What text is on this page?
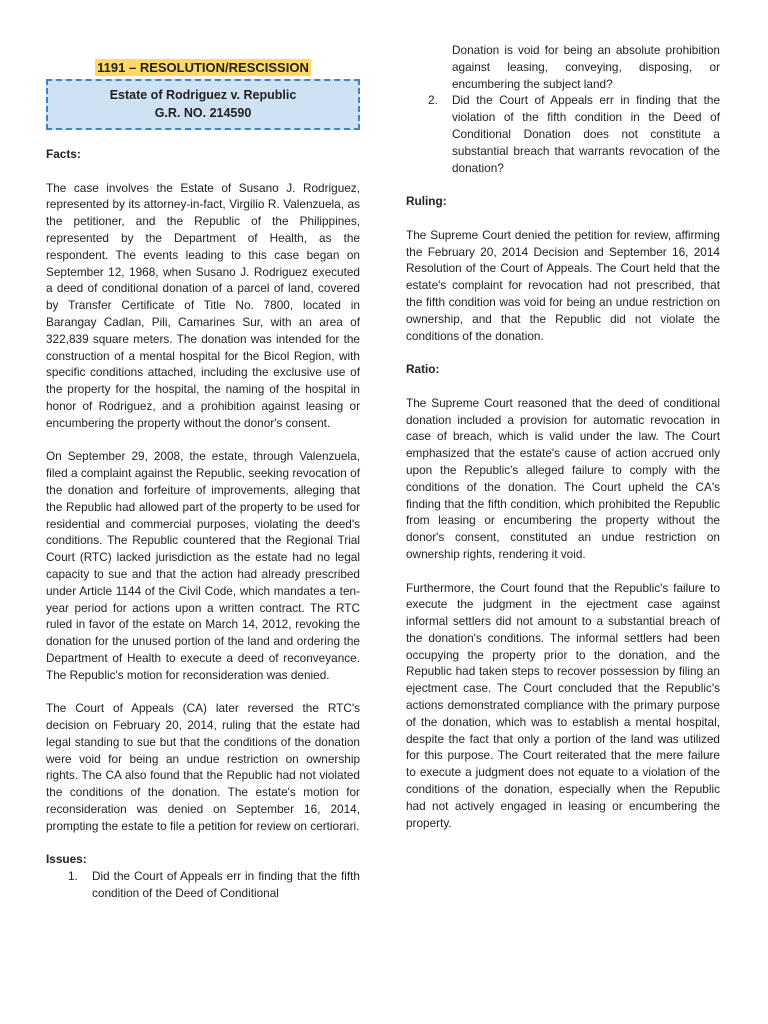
1191 – RESOLUTION/RESCISSION
Estate of Rodriguez v. Republic
G.R. NO. 214590
Facts:

The case involves the Estate of Susano J. Rodriguez, represented by its attorney-in-fact, Virgilio R. Valenzuela, as the petitioner, and the Republic of the Philippines, represented by the Department of Health, as the respondent. The events leading to this case began on September 12, 1968, when Susano J. Rodriguez executed a deed of conditional donation of a parcel of land, covered by Transfer Certificate of Title No. 7800, located in Barangay Cadlan, Pili, Camarines Sur, with an area of 322,839 square meters. The donation was intended for the construction of a mental hospital for the Bicol Region, with specific conditions attached, including the exclusive use of the property for the hospital, the naming of the hospital in honor of Rodriguez, and a prohibition against leasing or encumbering the property without the donor's consent.

On September 29, 2008, the estate, through Valenzuela, filed a complaint against the Republic, seeking revocation of the donation and forfeiture of improvements, alleging that the Republic had allowed part of the property to be used for residential and commercial purposes, violating the deed's conditions. The Republic countered that the Regional Trial Court (RTC) lacked jurisdiction as the estate had no legal capacity to sue and that the action had already prescribed under Article 1144 of the Civil Code, which mandates a ten-year period for actions upon a written contract. The RTC ruled in favor of the estate on March 14, 2012, revoking the donation for the unused portion of the land and ordering the Department of Health to execute a deed of reconveyance. The Republic's motion for reconsideration was denied.

The Court of Appeals (CA) later reversed the RTC's decision on February 20, 2014, ruling that the estate had legal standing to sue but that the conditions of the donation were void for being an undue restriction on ownership rights. The CA also found that the Republic had not violated the conditions of the donation. The estate's motion for reconsideration was denied on September 16, 2014, prompting the estate to file a petition for review on certiorari.

Issues:
1. Did the Court of Appeals err in finding that the fifth condition of the Deed of Conditional
Donation is void for being an absolute prohibition against leasing, conveying, disposing, or encumbering the subject land?
2. Did the Court of Appeals err in finding that the violation of the fifth condition in the Deed of Conditional Donation does not constitute a substantial breach that warrants revocation of the donation?
Ruling:

The Supreme Court denied the petition for review, affirming the February 20, 2014 Decision and September 16, 2014 Resolution of the Court of Appeals. The Court held that the estate's complaint for revocation had not prescribed, that the fifth condition was void for being an undue restriction on ownership, and that the Republic did not violate the conditions of the donation.

Ratio:

The Supreme Court reasoned that the deed of conditional donation included a provision for automatic revocation in case of breach, which is valid under the law. The Court emphasized that the estate's cause of action accrued only upon the Republic's alleged failure to comply with the conditions of the donation. The Court upheld the CA's finding that the fifth condition, which prohibited the Republic from leasing or encumbering the property without the donor's consent, constituted an undue restriction on ownership rights, rendering it void.

Furthermore, the Court found that the Republic's failure to execute the judgment in the ejectment case against informal settlers did not amount to a substantial breach of the donation's conditions. The informal settlers had been occupying the property prior to the donation, and the Republic had taken steps to recover possession by filing an ejectment case. The Court concluded that the Republic's actions demonstrated compliance with the primary purpose of the donation, which was to establish a mental hospital, despite the fact that only a portion of the land was utilized for this purpose. The Court reiterated that the mere failure to execute a judgment does not equate to a violation of the conditions of the donation, especially when the Republic had not actively engaged in leasing or encumbering the property.
